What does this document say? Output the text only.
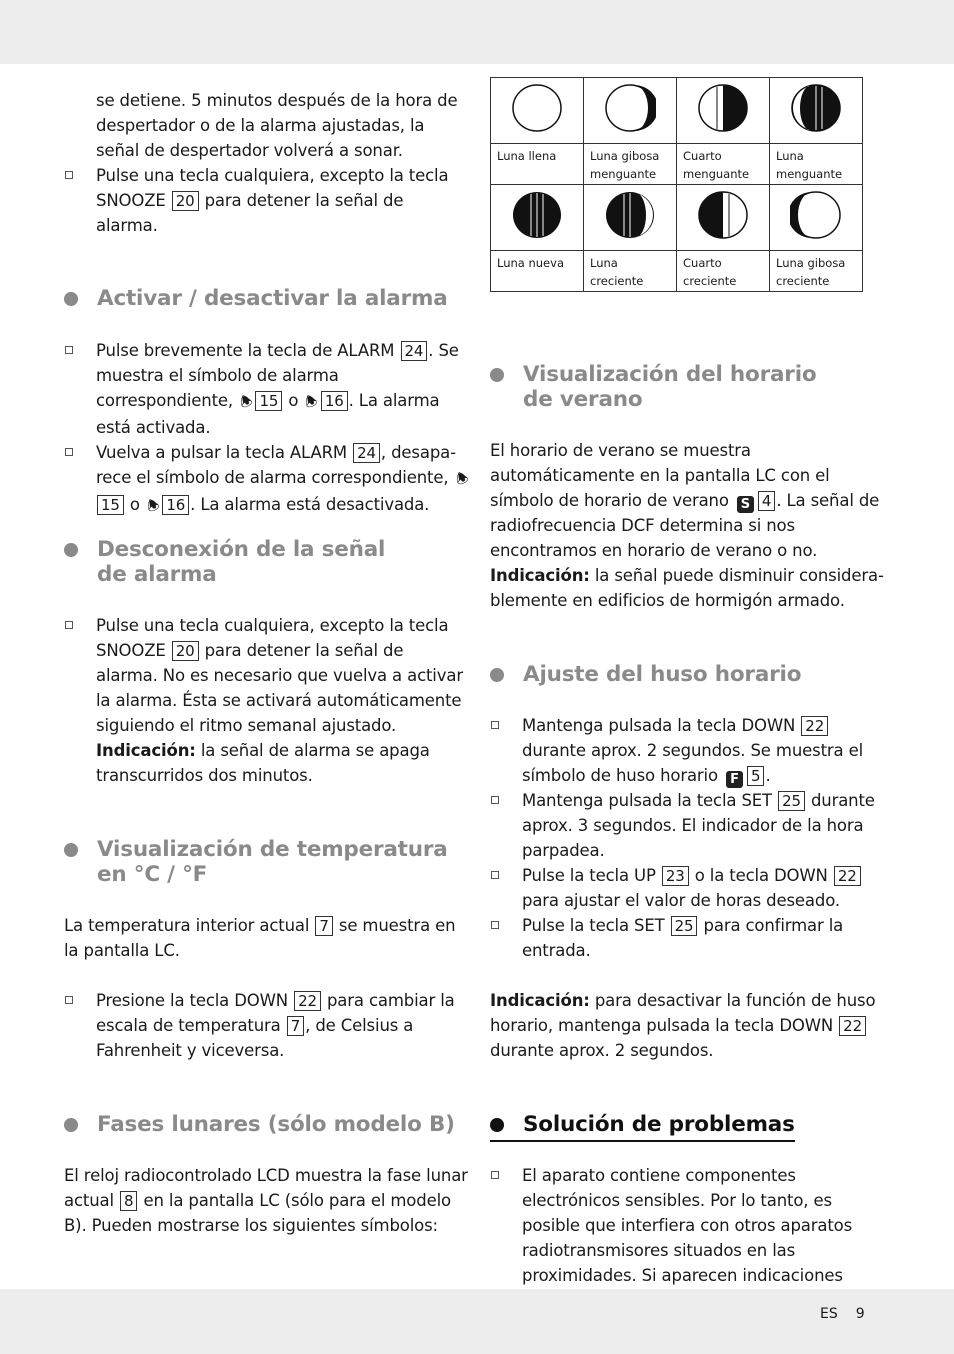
ES 9

se detiene. 5 minutos después de la hora de despertador o de la alarma ajustadas, la señal de despertador volverá a sonar.

Pulse una tecla cualquiera, excepto la tecla SNOOZE 20 para detener la señal de alarma.
Activar / desactivar la alarma
Pulse brevemente la tecla de ALARM 24 . Se muestra el símbolo de alarma correspondiente, 🕭 15 o 🕭 16 . La alarma está activada.
Vuelva a pulsar la tecla ALARM 24 , desapa-rece el símbolo de alarma correspondiente, 🕭15 o 🕭 16 . La alarma está desactivada.
Desconexión de la señal de alarma
Pulse una tecla cualquiera, excepto la tecla SNOOZE 20 para detener la señal de alarma. No es necesario que vuelva a activar la alarma. Ésta se activará automáticamente siguiendo el ritmo semanal ajustado.

Indicación: la señal de alarma se apaga transcurridos dos minutos.

Visualización de temperatura en °C / °F

La temperatura interior actual 7 se muestra en la pantalla LC.

Presione la tecla DOWN 22 para cambiar la escala de temperatura 7 , de Celsius a Fahrenheit y viceversa.
Fases lunares (sólo modelo B)

El reloj radiocontrolado LCD muestra la fase lunar actual 8 en la pantalla LC (sólo para el modelo B). Pueden mostrarse los siguientes símbolos:

Luna llena	Luna gibosa menguante	Cuarto menguante	Luna menguante

Luna nueva	Luna creciente	Cuarto creciente	Luna gibosa creciente
Visualización del horario de verano

El horario de verano se muestra automáticamente en la pantalla LC con el símbolo de horario de verano S 4 . La señal de radiofrecuencia DCF determina si nos encontramos en horario de verano o no.

Indicación: la señal puede disminuir considera-blemente en edificios de hormigón armado.

Ajuste del huso horario
Mantenga pulsada la tecla DOWN 22 durante aprox. 2 segundos. Se muestra el símbolo de huso horario F 5 .
Mantenga pulsada la tecla SET 25 durante aprox. 3 segundos. El indicador de la hora parpadea.
Pulse la tecla UP 23 o la tecla DOWN 22 para ajustar el valor de horas deseado.
Pulse la tecla SET 25 para confirmar la entrada.

Indicación: para desactivar la función de huso horario, mantenga pulsada la tecla DOWN 22 durante aprox. 2 segundos.

Solución de problemas
El aparato contiene componentes electrónicos sensibles. Por lo tanto, es posible que interfiera con otros aparatos radiotransmisores situados en las proximidades. Si aparecen indicaciones
